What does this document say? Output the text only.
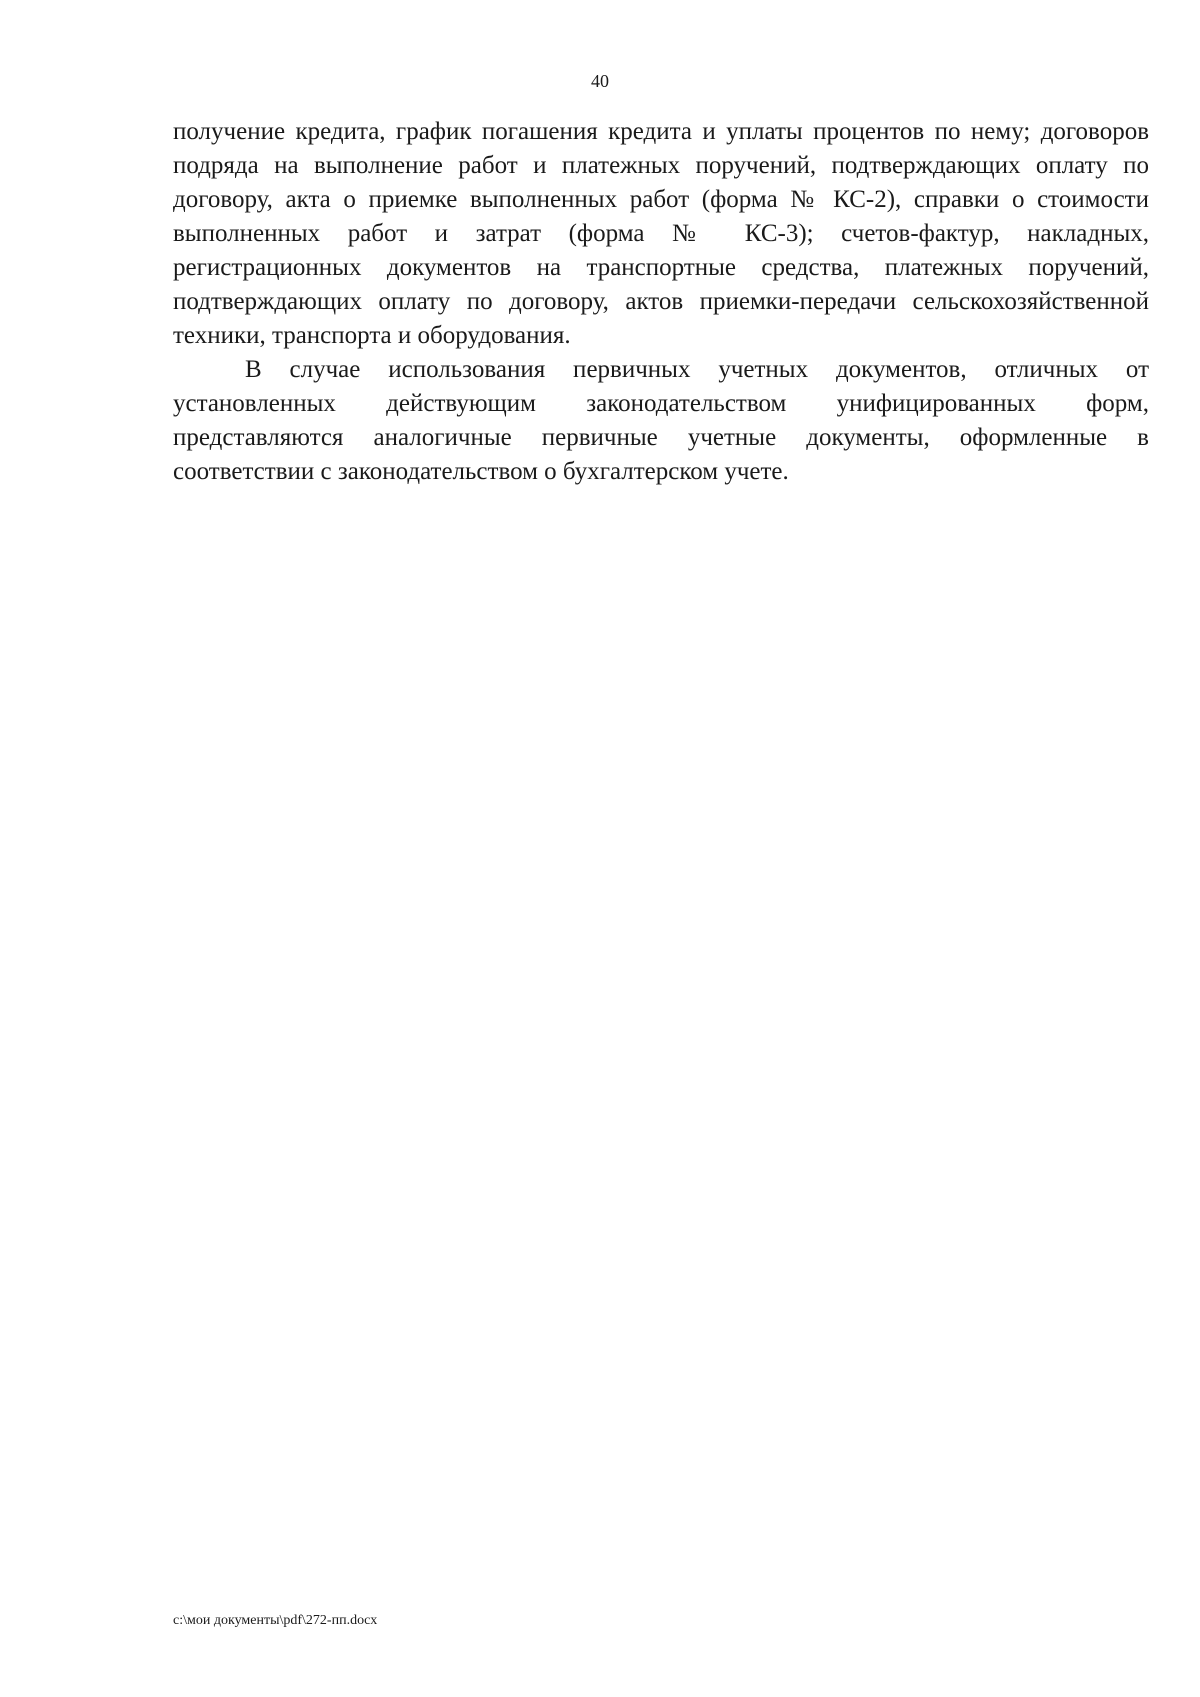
40

получение кредита, график погашения кредита и уплаты процентов по нему; договоров подряда на выполнение работ и платежных поручений, подтверждающих оплату по договору, акта о приемке выполненных работ (форма № КС-2), справки о стоимости выполненных работ и затрат (форма № КС-3); счетов-фактур, накладных, регистрационных документов на транспортные средства, платежных поручений, подтверждающих оплату по договору, актов приемки-передачи сельскохозяйственной техники, транспорта и оборудования.

В случае использования первичных учетных документов, отличных от установленных действующим законодательством унифицированных форм, представляются аналогичные первичные учетные документы, оформленные в соответствии с законодательством о бухгалтерском учете.

c:\мои документы\pdf\272-пп.docx
